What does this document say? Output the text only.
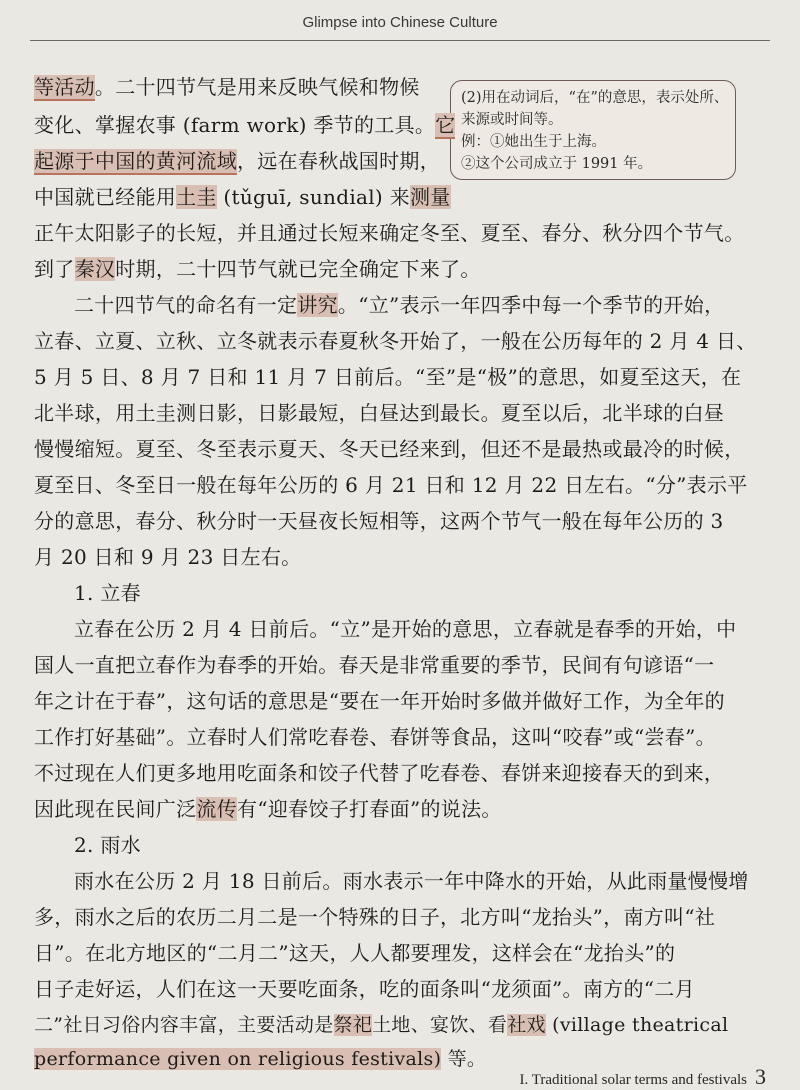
Glimpse into Chinese Culture
(2)用在动词后，“在”的意思，表示处所、
来源或时间等。
例：①她出生于上海。
②这个公司成立于 1991 年。
等活动。二十四节气是用来反映气候和物候
变化、掌握农事 (farm work) 季节的工具。它
起源于中国的黄河流域，远在春秋战国时期，
中国就已经能用土圭 (tǔguī, sundial) 来测量
正午太阳影子的长短，并且通过长短来确定冬至、夏至、春分、秋分四个节气。
到了秦汉时期，二十四节气就已完全确定下来了。
二十四节气的命名有一定讲究。“立”表示一年四季中每一个季节的开始，
立春、立夏、立秋、立冬就表示春夏秋冬开始了，一般在公历每年的 2 月 4 日、
5 月 5 日、8 月 7 日和 11 月 7 日前后。“至”是“极”的意思，如夏至这天，在
北半球，用土圭测日影，日影最短，白昼达到最长。夏至以后，北半球的白昼
慢慢缩短。夏至、冬至表示夏天、冬天已经来到，但还不是最热或最冷的时候，
夏至日、冬至日一般在每年公历的 6 月 21 日和 12 月 22 日左右。“分”表示平
分的意思，春分、秋分时一天昼夜长短相等，这两个节气一般在每年公历的 3
月 20 日和 9 月 23 日左右。
1. 立春
立春在公历 2 月 4 日前后。“立”是开始的意思，立春就是春季的开始，中
国人一直把立春作为春季的开始。春天是非常重要的季节，民间有句谚语“一
年之计在于春”，这句话的意思是“要在一年开始时多做并做好工作，为全年的
工作打好基础”。立春时人们常吃春卷、春饼等食品，这叫“咬春”或“尝春”。
不过现在人们更多地用吃面条和饺子代替了吃春卷、春饼来迎接春天的到来，
因此现在民间广泛流传有“迎春饺子打春面”的说法。
2. 雨水
雨水在公历 2 月 18 日前后。雨水表示一年中降水的开始，从此雨量慢慢增
多，雨水之后的农历二月二是一个特殊的日子，北方叫“龙抬头”，南方叫“社
日”。在北方地区的“二月二”这天，人人都要理发，这样会在“龙抬头”的
日子走好运，人们在这一天要吃面条，吃的面条叫“龙须面”。南方的“二月
二”社日习俗内容丰富，主要活动是祭祀土地、宴饮、看社戏 (village theatrical
performance given on religious festivals) 等。
I. Traditional solar terms and festivals 3
